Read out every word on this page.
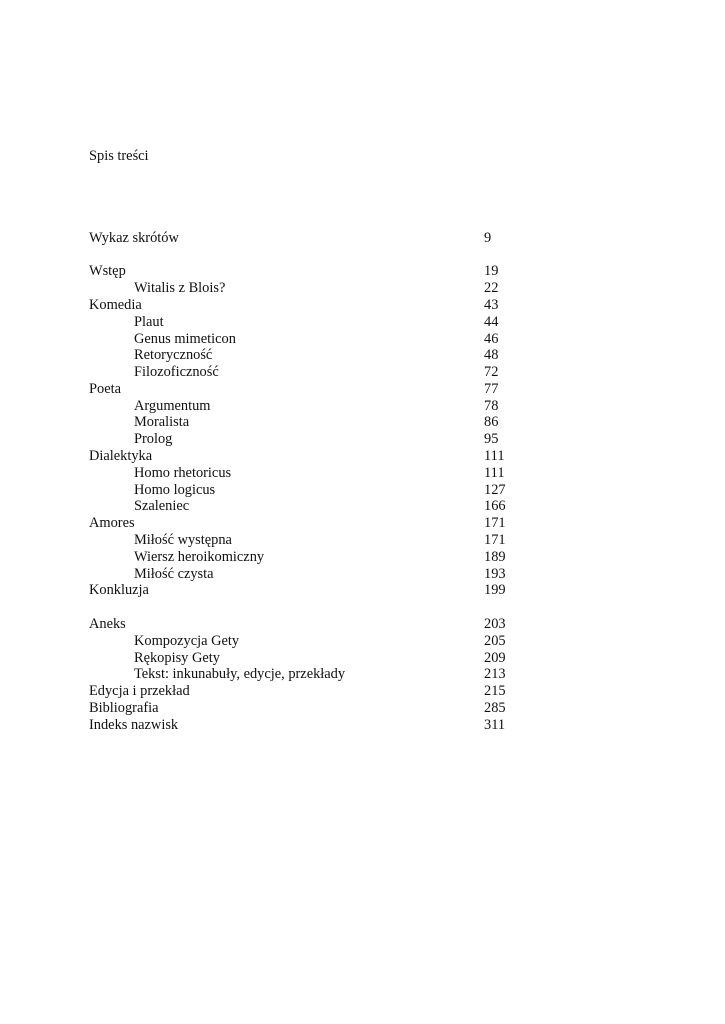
Spis treści
Wykaz skrótów	9
Wstęp	19
Witalis z Blois?	22
Komedia	43
Plaut	44
Genus mimeticon	46
Retoryczność	48
Filozoficzność	72
Poeta	77
Argumentum	78
Moralista	86
Prolog	95
Dialektyka	111
Homo rhetoricus	111
Homo logicus	127
Szaleniec	166
Amores	171
Miłość występna	171
Wiersz heroikomiczny	189
Miłość czysta	193
Konkluzja	199
Aneks	203
Kompozycja Gety	205
Rękopisy Gety	209
Tekst: inkunabuły, edycje, przekłady	213
Edycja i przekład	215
Bibliografia	285
Indeks nazwisk	311
